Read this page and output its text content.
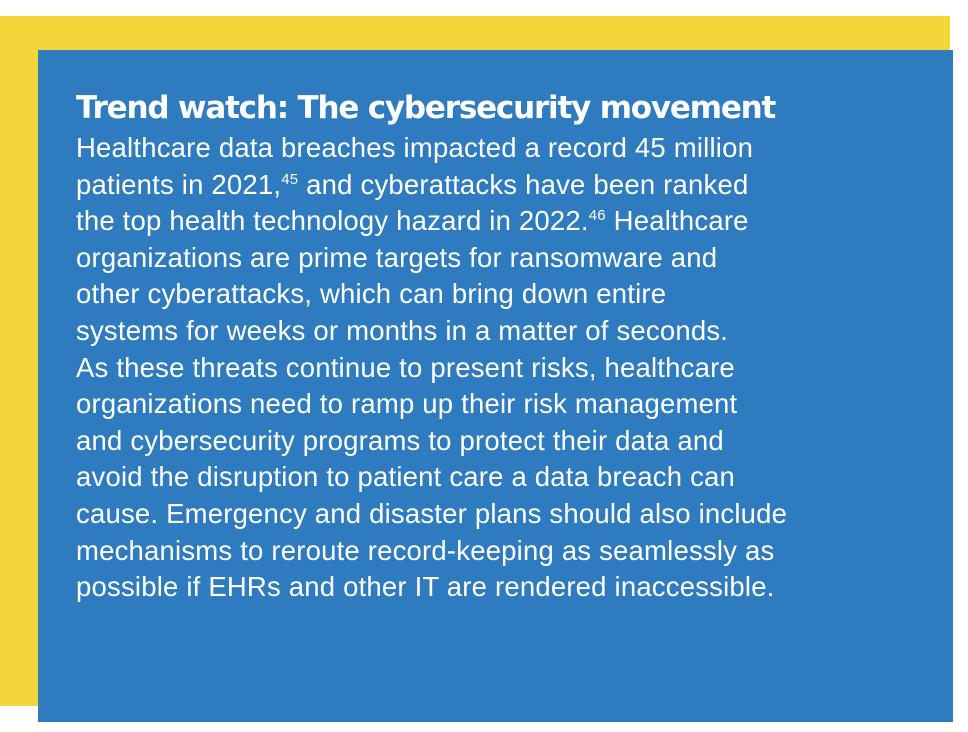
Trend watch: The cybersecurity movement

Healthcare data breaches impacted a record 45 million
patients in 2021,45 and cyberattacks have been ranked
the top health technology hazard in 2022.46 Healthcare
organizations are prime targets for ransomware and
other cyberattacks, which can bring down entire
systems for weeks or months in a matter of seconds.
As these threats continue to present risks, healthcare
organizations need to ramp up their risk management
and cybersecurity programs to protect their data and
avoid the disruption to patient care a data breach can
cause. Emergency and disaster plans should also include
mechanisms to reroute record-keeping as seamlessly as
possible if EHRs and other IT are rendered inaccessible.
